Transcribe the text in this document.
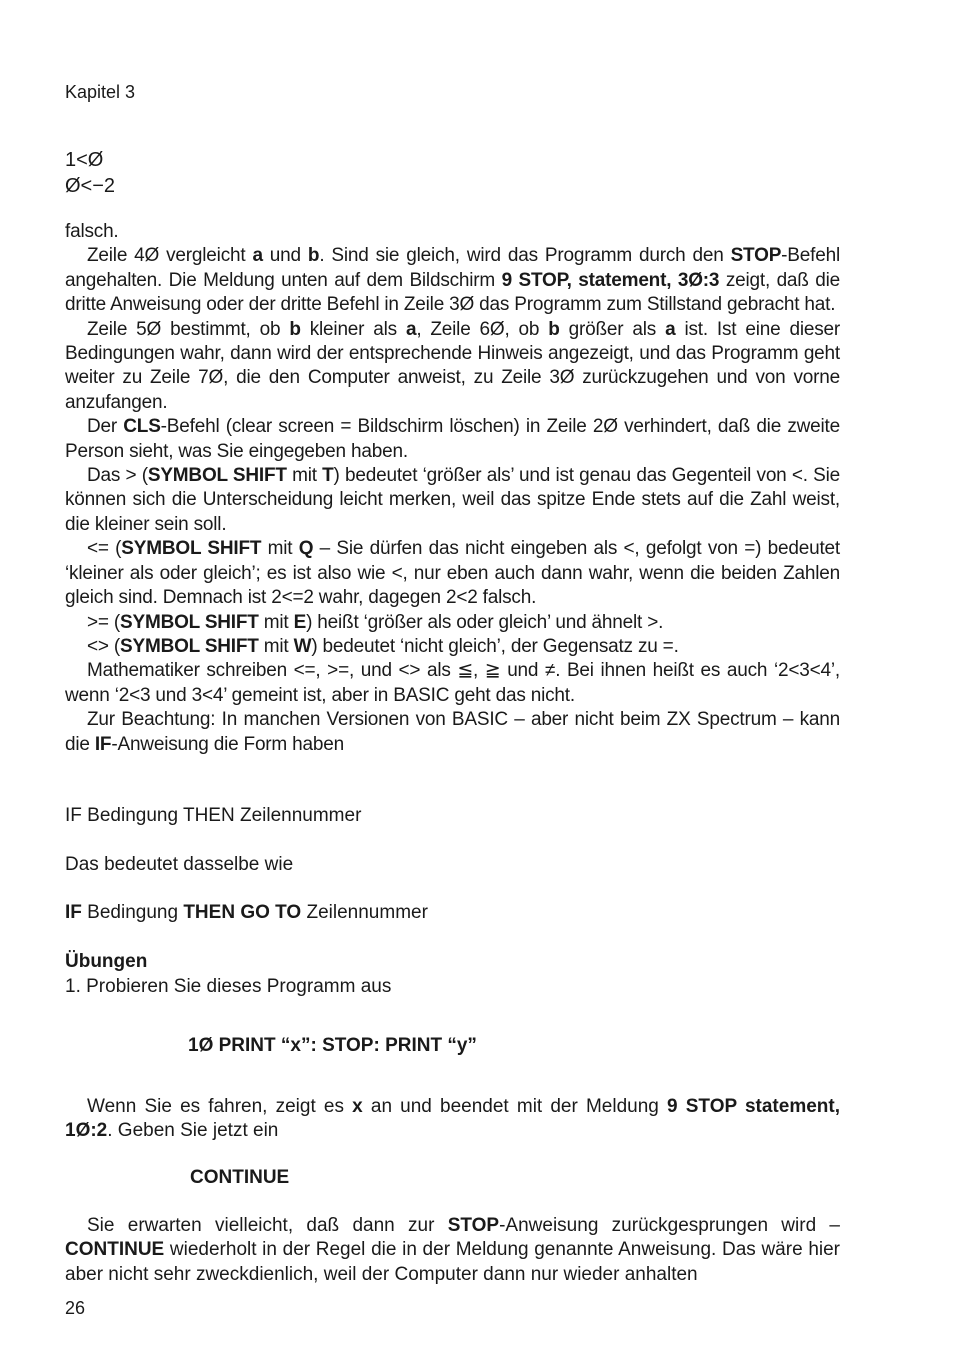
Kapitel 3
1<Ø
Ø<−2

falsch.

Zeile 4Ø vergleicht a und b. Sind sie gleich, wird das Programm durch den STOP-Befehl angehalten. Die Meldung unten auf dem Bildschirm 9 STOP, statement, 3Ø:3 zeigt, daß die dritte Anweisung oder der dritte Befehl in Zeile 3Ø das Programm zum Stillstand gebracht hat.

Zeile 5Ø bestimmt, ob b kleiner als a, Zeile 6Ø, ob b größer als a ist. Ist eine dieser Bedingungen wahr, dann wird der entsprechende Hinweis angezeigt, und das Programm geht weiter zu Zeile 7Ø, die den Computer anweist, zu Zeile 3Ø zurückzugehen und von vorne anzufangen.

Der CLS-Befehl (clear screen = Bildschirm löschen) in Zeile 2Ø verhindert, daß die zweite Person sieht, was Sie eingegeben haben.

Das > (SYMBOL SHIFT mit T) bedeutet ‘größer als’ und ist genau das Gegenteil von <. Sie können sich die Unterscheidung leicht merken, weil das spitze Ende stets auf die Zahl weist, die kleiner sein soll.

<= (SYMBOL SHIFT mit Q – Sie dürfen das nicht eingeben als <, gefolgt von =) bedeutet ‘kleiner als oder gleich’; es ist also wie <, nur eben auch dann wahr, wenn die beiden Zahlen gleich sind. Demnach ist 2<=2 wahr, dagegen 2<2 falsch.

>= (SYMBOL SHIFT mit E) heißt ‘größer als oder gleich’ und ähnelt >.

<> (SYMBOL SHIFT mit W) bedeutet ‘nicht gleich’, der Gegensatz zu =.

Mathematiker schreiben <=, >=, und <> als ≦, ≧ und ≠. Bei ihnen heißt es auch ‘2<3<4’, wenn ‘2<3 und 3<4’ gemeint ist, aber in BASIC geht das nicht.

Zur Beachtung: In manchen Versionen von BASIC – aber nicht beim ZX Spectrum – kann die IF-Anweisung die Form haben

IF Bedingung THEN Zeilennummer

Das bedeutet dasselbe wie

IF Bedingung THEN GO TO Zeilennummer

Übungen

1. Probieren Sie dieses Programm aus

1Ø PRINT “x”: STOP: PRINT “y”

Wenn Sie es fahren, zeigt es x an und beendet mit der Meldung 9 STOP statement, 1Ø:2. Geben Sie jetzt ein

CONTINUE

Sie erwarten vielleicht, daß dann zur STOP-Anweisung zurückgesprungen wird – CONTINUE wiederholt in der Regel die in der Meldung genannte Anweisung. Das wäre hier aber nicht sehr zweckdienlich, weil der Computer dann nur wieder anhalten

26
